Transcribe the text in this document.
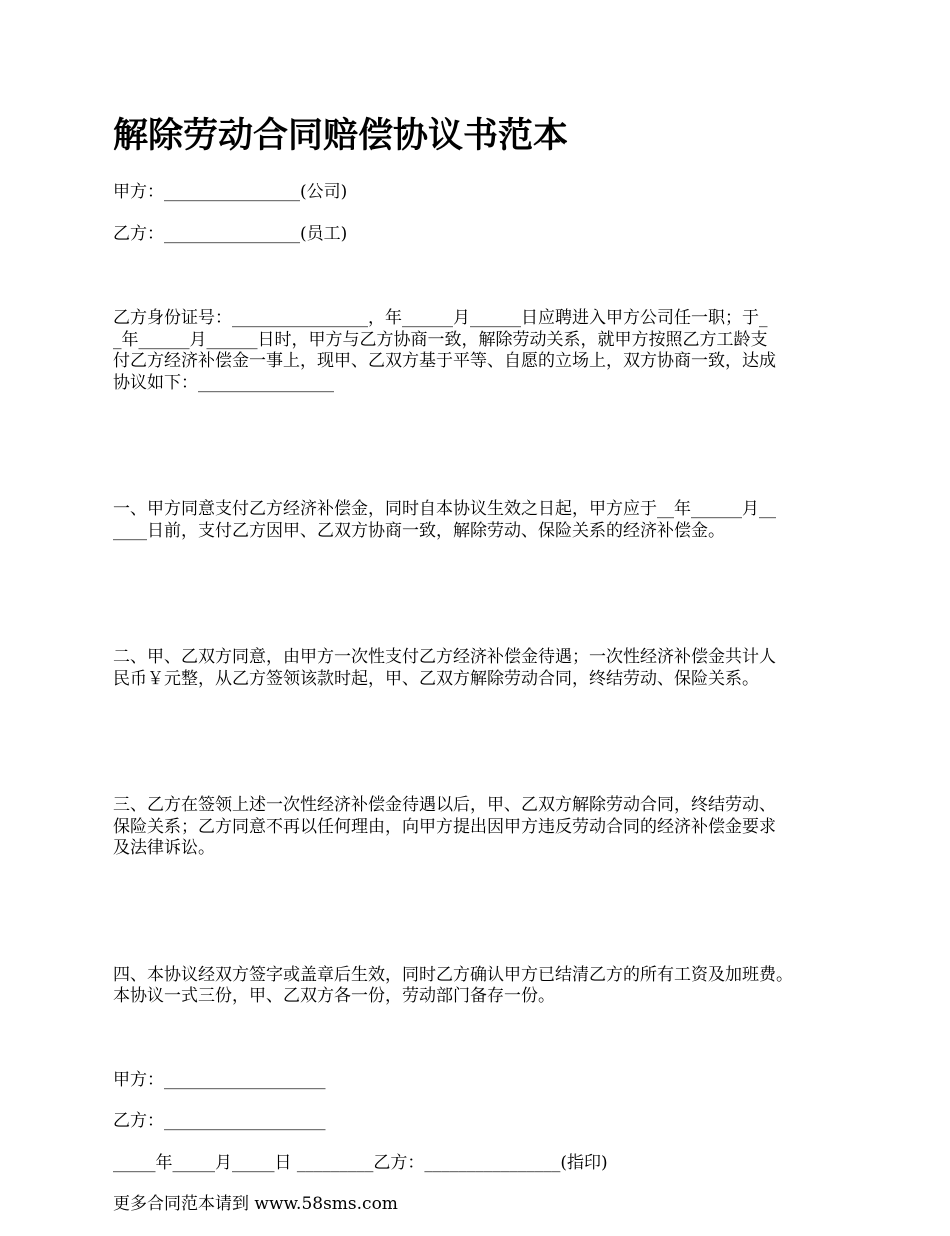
解除劳动合同赔偿协议书范本

甲方：________________(公司)

乙方：________________(员工)

乙方身份证号：________________，年______月______日应聘进入甲方公司任一职；于_
_年______月______日时，甲方与乙方协商一致，解除劳动关系，就甲方按照乙方工龄支
付乙方经济补偿金一事上，现甲、乙双方基于平等、自愿的立场上，双方协商一致，达成
协议如下：________________

一、甲方同意支付乙方经济补偿金，同时自本协议生效之日起，甲方应于__年______月__
____日前，支付乙方因甲、乙双方协商一致，解除劳动、保险关系的经济补偿金。

二、甲、乙双方同意，由甲方一次性支付乙方经济补偿金待遇；一次性经济补偿金共计人
民币￥元整，从乙方签领该款时起，甲、乙双方解除劳动合同，终结劳动、保险关系。

三、乙方在签领上述一次性经济补偿金待遇以后，甲、乙双方解除劳动合同，终结劳动、
保险关系；乙方同意不再以任何理由，向甲方提出因甲方违反劳动合同的经济补偿金要求
及法律诉讼。

四、本协议经双方签字或盖章后生效，同时乙方确认甲方已结清乙方的所有工资及加班费。
本协议一式三份，甲、乙双方各一份，劳动部门备存一份。

甲方：___________________

乙方：___________________

_____年_____月_____日 _________乙方：________________(指印)

更多合同范本请到 www.58sms.com
